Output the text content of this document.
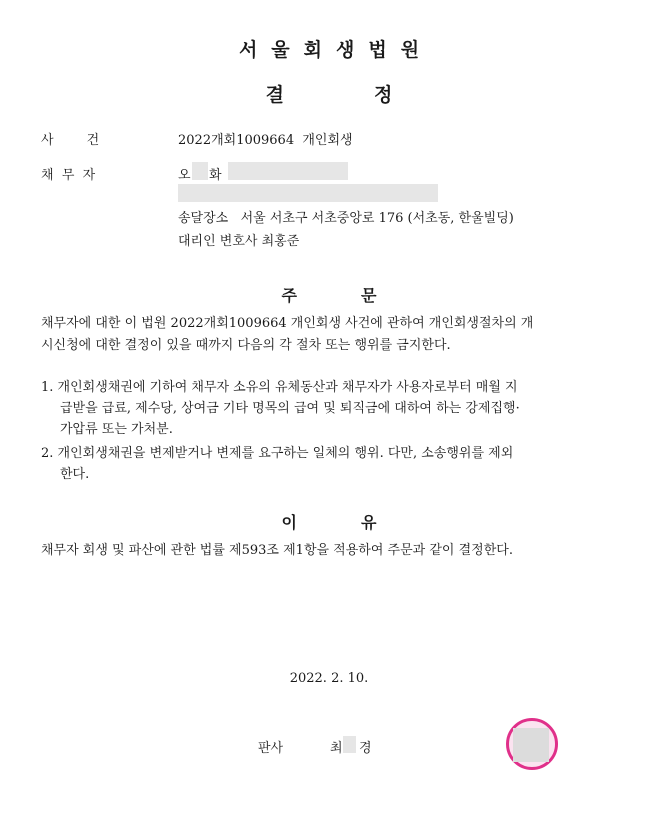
서울회생법원
결	정
사        건	2022개회1009664  개인회생
채  무  자	오 화
송달장소   서울 서초구 서초중앙로 176 (서초동, 한울빌딩)
대리인 변호사 최홍준
주	문
채무자에 대한 이 법원 2022개회1009664 개인회생 사건에 관하여 개인회생절차의 개
시신청에 대한 결정이 있을 때까지 다음의 각 절차 또는 행위를 금지한다.
1. 개인회생채권에 기하여 채무자 소유의 유체동산과 채무자가 사용자로부터 매월 지
급받을 급료, 제수당, 상여금 기타 명목의 급여 및 퇴직금에 대하여 하는 강제집행·
가압류 또는 가처분.
2. 개인회생채권을 변제받거나 변제를 요구하는 일체의 행위. 다만, 소송행위를 제외
한다.
이	유
채무자 회생 및 파산에 관한 법률 제593조 제1항을 적용하여 주문과 같이 결정한다.
2022. 2. 10.
판사	최 경
